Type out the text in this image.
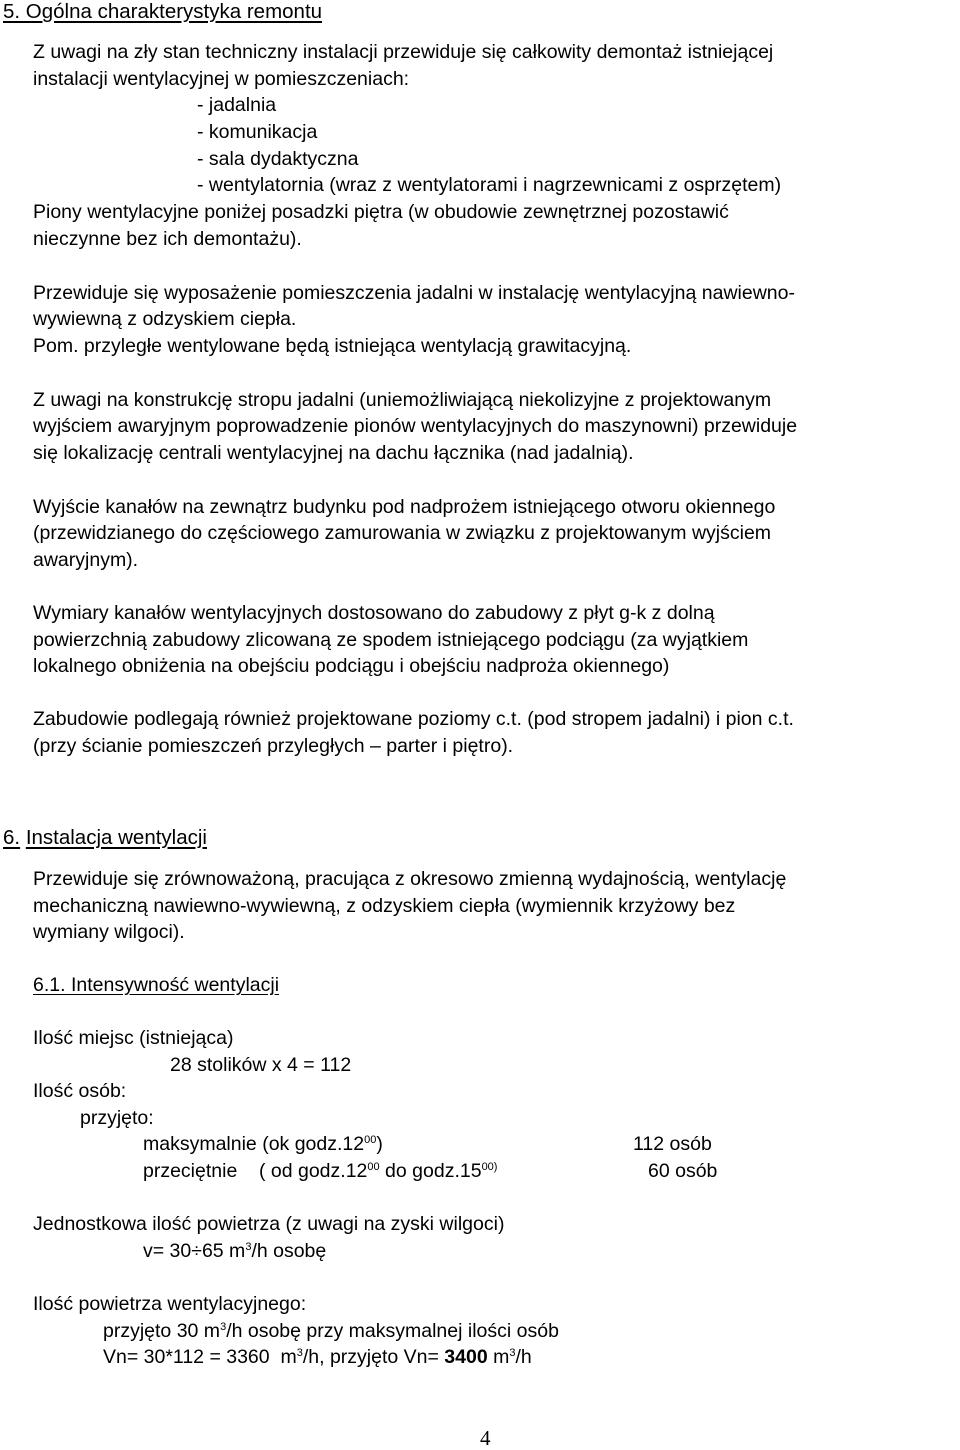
5. Ogólna charakterystyka remontu
Z uwagi na zły stan techniczny instalacji przewiduje się całkowity demontaż istniejącej
instalacji wentylacyjnej w pomieszczeniach:
- jadalnia
- komunikacja
- sala dydaktyczna
- wentylatornia (wraz z wentylatorami i nagrzewnicami z osprzętem)
Piony wentylacyjne poniżej posadzki piętra (w obudowie zewnętrznej pozostawić
nieczynne bez ich demontażu).
Przewiduje się wyposażenie pomieszczenia jadalni w instalację wentylacyjną nawiewno-
wywiewną z odzyskiem ciepła.
Pom. przyległe wentylowane będą istniejąca wentylacją grawitacyjną.
Z uwagi na konstrukcję stropu jadalni (uniemożliwiającą niekolizyjne z projektowanym
wyjściem awaryjnym poprowadzenie pionów wentylacyjnych do maszynowni) przewiduje
się lokalizację centrali wentylacyjnej na dachu łącznika (nad jadalnią).
Wyjście kanałów na zewnątrz budynku pod nadprożem istniejącego otworu okiennego
(przewidzianego do częściowego zamurowania w związku z projektowanym wyjściem
awaryjnym).
Wymiary kanałów wentylacyjnych dostosowano do zabudowy z płyt g-k z dolną
powierzchnią zabudowy zlicowaną ze spodem istniejącego podciągu (za wyjątkiem
lokalnego obniżenia na obejściu podciągu i obejściu nadproża okiennego)
Zabudowie podlegają również projektowane poziomy c.t. (pod stropem jadalni) i pion c.t.
(przy ścianie pomieszczeń przyległych – parter i piętro).
6. Instalacja wentylacji
Przewiduje się zrównoważoną, pracująca z okresowo zmienną wydajnością, wentylację
mechaniczną nawiewno-wywiewną, z odzyskiem ciepła (wymiennik krzyżowy bez
wymiany wilgoci).
6.1. Intensywność wentylacji
Ilość miejsc (istniejąca)
28 stolików x 4 = 112
Ilość osób:
przyjęto:
maksymalnie (ok $godz.12^{00}$)	112 osób
przeciętnie    ( od $godz.12^{00}$ do godz.15$^{00)}$	60 osób
Jednostkowa ilość powietrza (z uwagi na zyski wilgoci)
v= 30÷65 $m^3/h$ osobę
Ilość powietrza wentylacyjnego:
przyjęto 30 $m^3/h$ osobę przy maksymalnej ilości osób
Vn= 30*112 = 3360  $m^3/h$, przyjęto Vn= 3400 $m^3/h$
4
